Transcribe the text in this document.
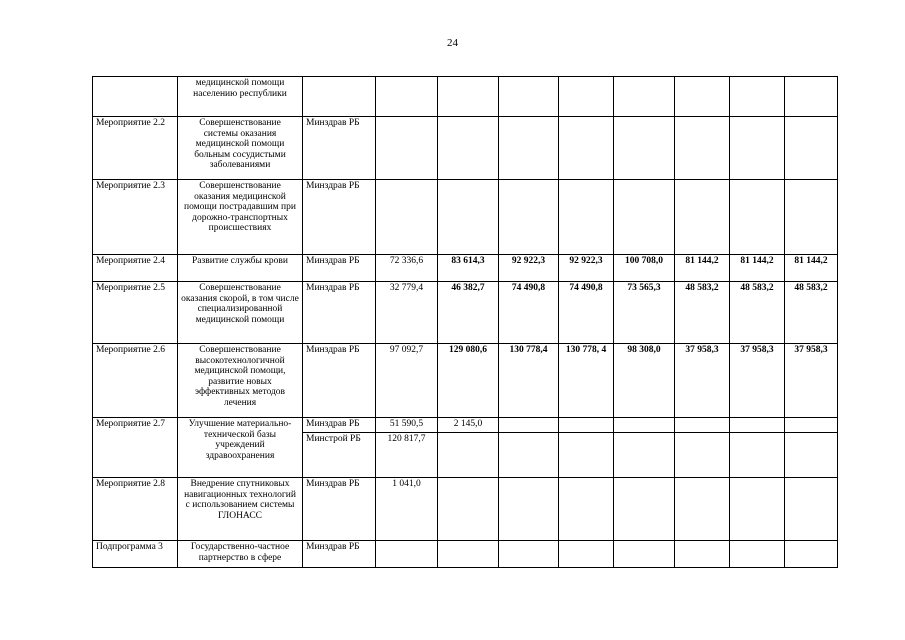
24
	медицинской помощи населению республики									
Мероприятие 2.2	Совершенствование системы оказания медицинской помощи больным сосудистыми заболеваниями	Минздрав РБ								
Мероприятие 2.3	Совершенствование оказания медицинской помощи пострадавшим при дорожно-транспортных происшествиях	Минздрав РБ								
Мероприятие 2.4	Развитие службы крови	Минздрав РБ	72 336,6	83 614,3	92 922,3	92 922,3	100 708,0	81 144,2	81 144,2	81 144,2
Мероприятие 2.5	Совершенствование оказания скорой, в том числе специализированной медицинской помощи	Минздрав РБ	32 779,4	46 382,7	74 490,8	74 490,8	73 565,3	48 583,2	48 583,2	48 583,2
Мероприятие 2.6	Совершенствование высокотехнологичной медицинской помощи, развитие новых эффективных методов лечения	Минздрав РБ	97 092,7	129 080,6	130 778,4	130 778, 4	98 308,0	37 958,3	37 958,3	37 958,3
Мероприятие 2.7	Улучшение материально-технической базы учреждений здравоохранения	Минздрав РБ	51 590,5	2 145,0						
		Минстрой РБ	120 817,7							
Мероприятие 2.8	Внедрение спутниковых навигационных технологий с использованием системы ГЛОНАСС	Минздрав РБ	1 041,0							
Подпрограмма 3	Государственно-частное партнерство в сфере	Минздрав РБ								
